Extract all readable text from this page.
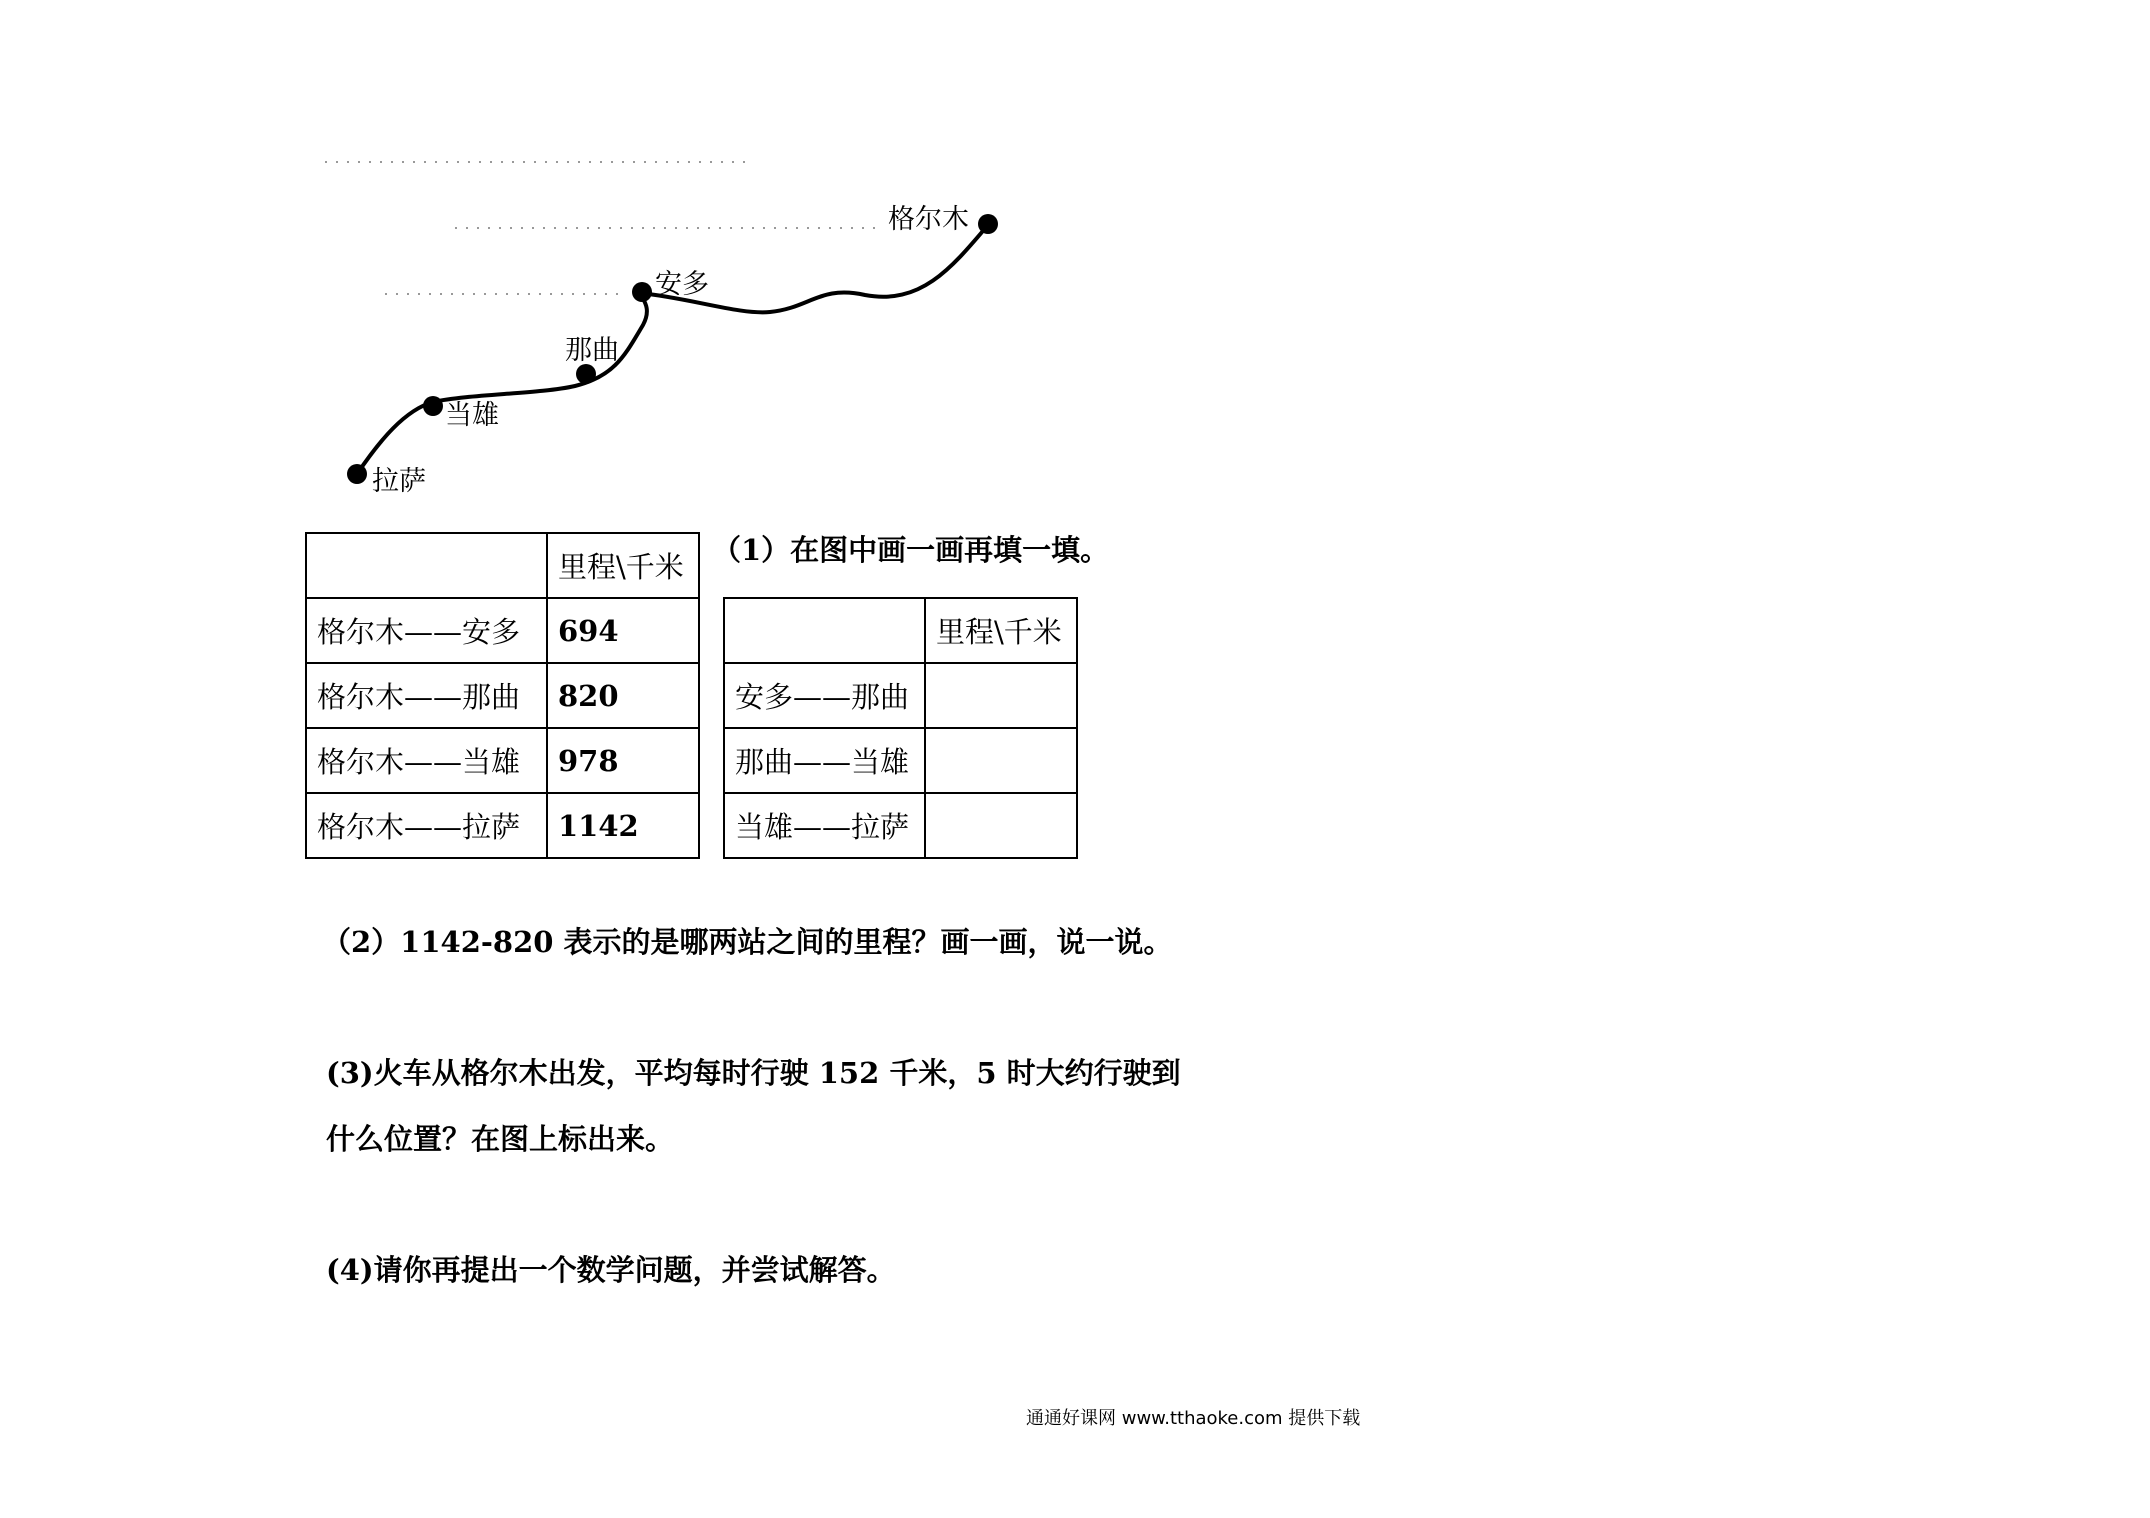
格尔木
安多
那曲
当雄
拉萨
	里程\千米
格尔木——安多	694
格尔木——那曲	820
格尔木——当雄	978
格尔木——拉萨	1142
（1）在图中画一画再填一填。
	里程\千米
安多——那曲	
那曲——当雄	
当雄——拉萨	
（2）1142-820 表示的是哪两站之间的里程？画一画，说一说。
(3)火车从格尔木出发，平均每时行驶 152 千米，5 时大约行驶到
什么位置？在图上标出来。
(4)请你再提出一个数学问题，并尝试解答。
通通好课网 www.tthaoke.com 提供下载
